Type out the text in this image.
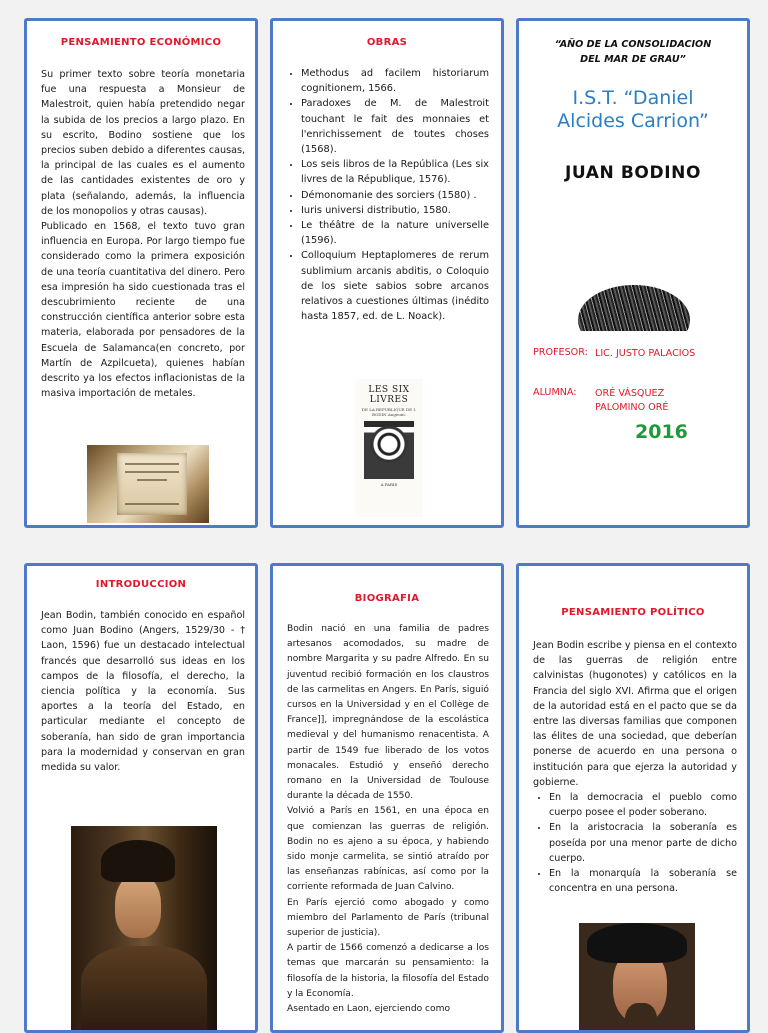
PENSAMIENTO ECONÓMICO

Su primer texto sobre teoría monetaria fue una respuesta a Monsieur de Malestroit, quien había pretendido negar la subida de los precios a largo plazo. En su escrito, Bodino sostiene que los precios suben debido a diferentes causas, la principal de las cuales es el aumento de las cantidades existentes de oro y plata (señalando, además, la influencia de los monopolios y otras causas).

Publicado en 1568, el texto tuvo gran influencia en Europa. Por largo tiempo fue considerado como la primera exposición de una teoría cuantitativa del dinero. Pero esa impresión ha sido cuestionada tras el descubrimiento reciente de una construcción científica anterior sobre esta materia, elaborada por pensadores de la Escuela de Salamanca(en concreto, por Martín de Azpilcueta), quienes habían descrito ya los efectos inflacionistas de la masiva importación de metales.

OBRAS
• Methodus ad facilem historiarum cognitionem, 1566.
• Paradoxes de M. de Malestroit touchant le fait des monnaies et l'enrichissement de toutes choses (1568).
• Los seis libros de la República (Les six livres de la République, 1576).
• Démonomanie des sorciers (1580) .
• Iuris universi distributio, 1580.
• Le théâtre de la nature universelle (1596).
• Colloquium Heptaplomeres de rerum sublimium arcanis abditis, o Coloquio de los siete sabios sobre arcanos relativos a cuestiones últimas (inédito hasta 1857, ed. de L. Noack).
LES SIX LIVRES
DE LA REPUBLIQUE DE I. BODIN Angeuin.
A PARIS
“AÑO DE LA CONSOLIDACION
DEL MAR DE GRAU”
I.S.T. “Daniel
Alcides Carrion”
JUAN BODINO
PROFESOR: LIC. JUSTO PALACIOS
ALUMNA: ORÉ VÁSQUEZ
PALOMINO ORÉ
2016
INTRODUCCION

Jean Bodin, también conocido en español como Juan Bodino (Angers, 1529/30 - † Laon, 1596) fue un destacado intelectual francés que desarrolló sus ideas en los campos de la filosofía, el derecho, la ciencia política y la economía. Sus aportes a la teoría del Estado, en particular mediante el concepto de soberanía, han sido de gran importancia para la modernidad y conservan en gran medida su valor.

BIOGRAFIA

Bodin nació en una familia de padres artesanos acomodados, su madre de nombre Margarita y su padre Alfredo. En su juventud recibió formación en los claustros de las carmelitas en Angers. En París, siguió cursos en la Universidad y en el Collège de France]], impregnándose de la escolástica medieval y del humanismo renacentista. A partir de 1549 fue liberado de los votos monacales. Estudió y enseñó derecho romano en la Universidad de Toulouse durante la década de 1550.

Volvió a París en 1561, en una época en que comienzan las guerras de religión. Bodin no es ajeno a su época, y habiendo sido monje carmelita, se sintió atraído por las enseñanzas rabínicas, así como por la corriente reformada de Juan Calvino.

En París ejerció como abogado y como miembro del Parlamento de París (tribunal superior de justicia).

A partir de 1566 comenzó a dedicarse a los temas que marcarán su pensamiento: la filosofía de la historia, la filosofía del Estado y la Economía.

Asentado en Laon, ejerciendo como

PENSAMIENTO POLÍTICO

Jean Bodin escribe y piensa en el contexto de las guerras de religión entre calvinistas (hugonotes) y católicos en la Francia del siglo XVI. Afirma que el origen de la autoridad está en el pacto que se da entre las diversas familias que componen las élites de una sociedad, que deberían ponerse de acuerdo en una persona o institución para que ejerza la autoridad y gobierne.

• En la democracia el pueblo como cuerpo posee el poder soberano.
• En la aristocracia la soberanía es poseída por una menor parte de dicho cuerpo.
• En la monarquía la soberanía se concentra en una persona.
